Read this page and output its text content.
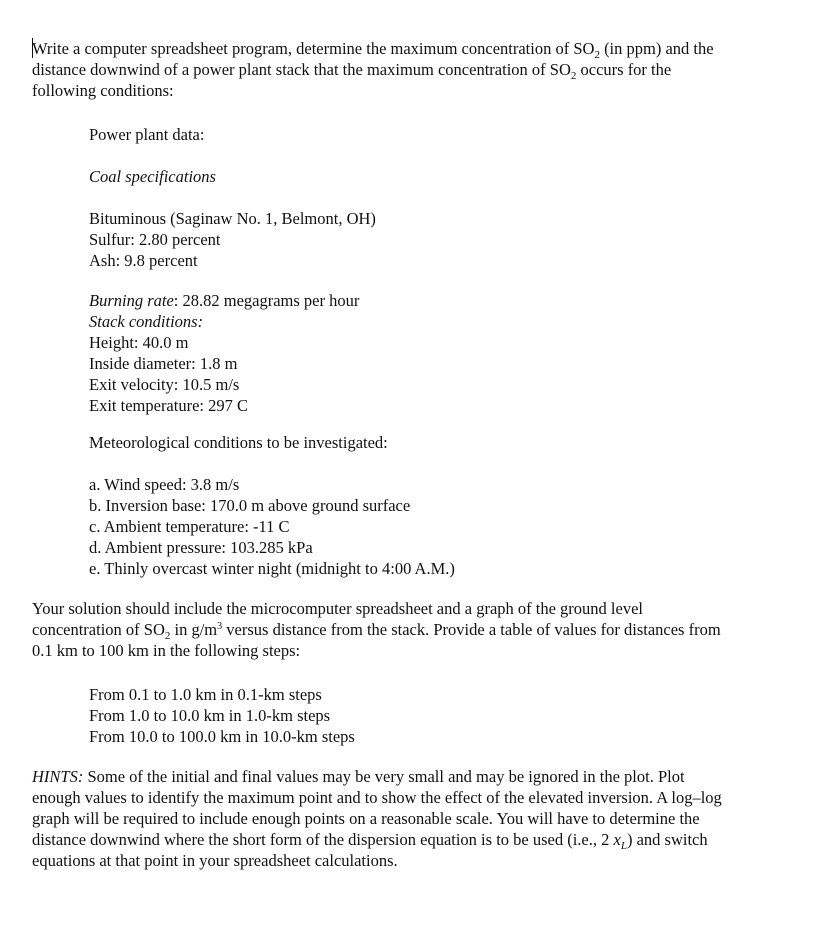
Write a computer spreadsheet program, determine the maximum concentration of $SO_2$ (in ppm) and the
distance downwind of a power plant stack that the maximum concentration of $SO_2$ occurs for the
following conditions:
Power plant data:
Coal specifications
Bituminous (Saginaw No. 1, Belmont, OH)
Sulfur: 2.80 percent
Ash: 9.8 percent
Burning rate: 28.82 megagrams per hour
Stack conditions:
Height: 40.0 m
Inside diameter: 1.8 m
Exit velocity: 10.5 m/s
Exit temperature: 297 C
Meteorological conditions to be investigated:
a. Wind speed: 3.8 m/s
b. Inversion base: 170.0 m above ground surface
c. Ambient temperature: -11 C
d. Ambient pressure: 103.285 kPa
e. Thinly overcast winter night (midnight to 4:00 A.M.)
Your solution should include the microcomputer spreadsheet and a graph of the ground level
concentration of $SO_2$ in $g/m^3$ versus distance from the stack. Provide a table of values for distances from
0.1 km to 100 km in the following steps:
From 0.1 to 1.0 km in 0.1-km steps
From 1.0 to 10.0 km in 1.0-km steps
From 10.0 to 100.0 km in 10.0-km steps
HINTS: Some of the initial and final values may be very small and may be ignored in the plot. Plot
enough values to identify the maximum point and to show the effect of the elevated inversion. A log–log
graph will be required to include enough points on a reasonable scale. You will have to determine the
distance downwind where the short form of the dispersion equation is to be used (i.e., 2 $x_L$) and switch
equations at that point in your spreadsheet calculations.
